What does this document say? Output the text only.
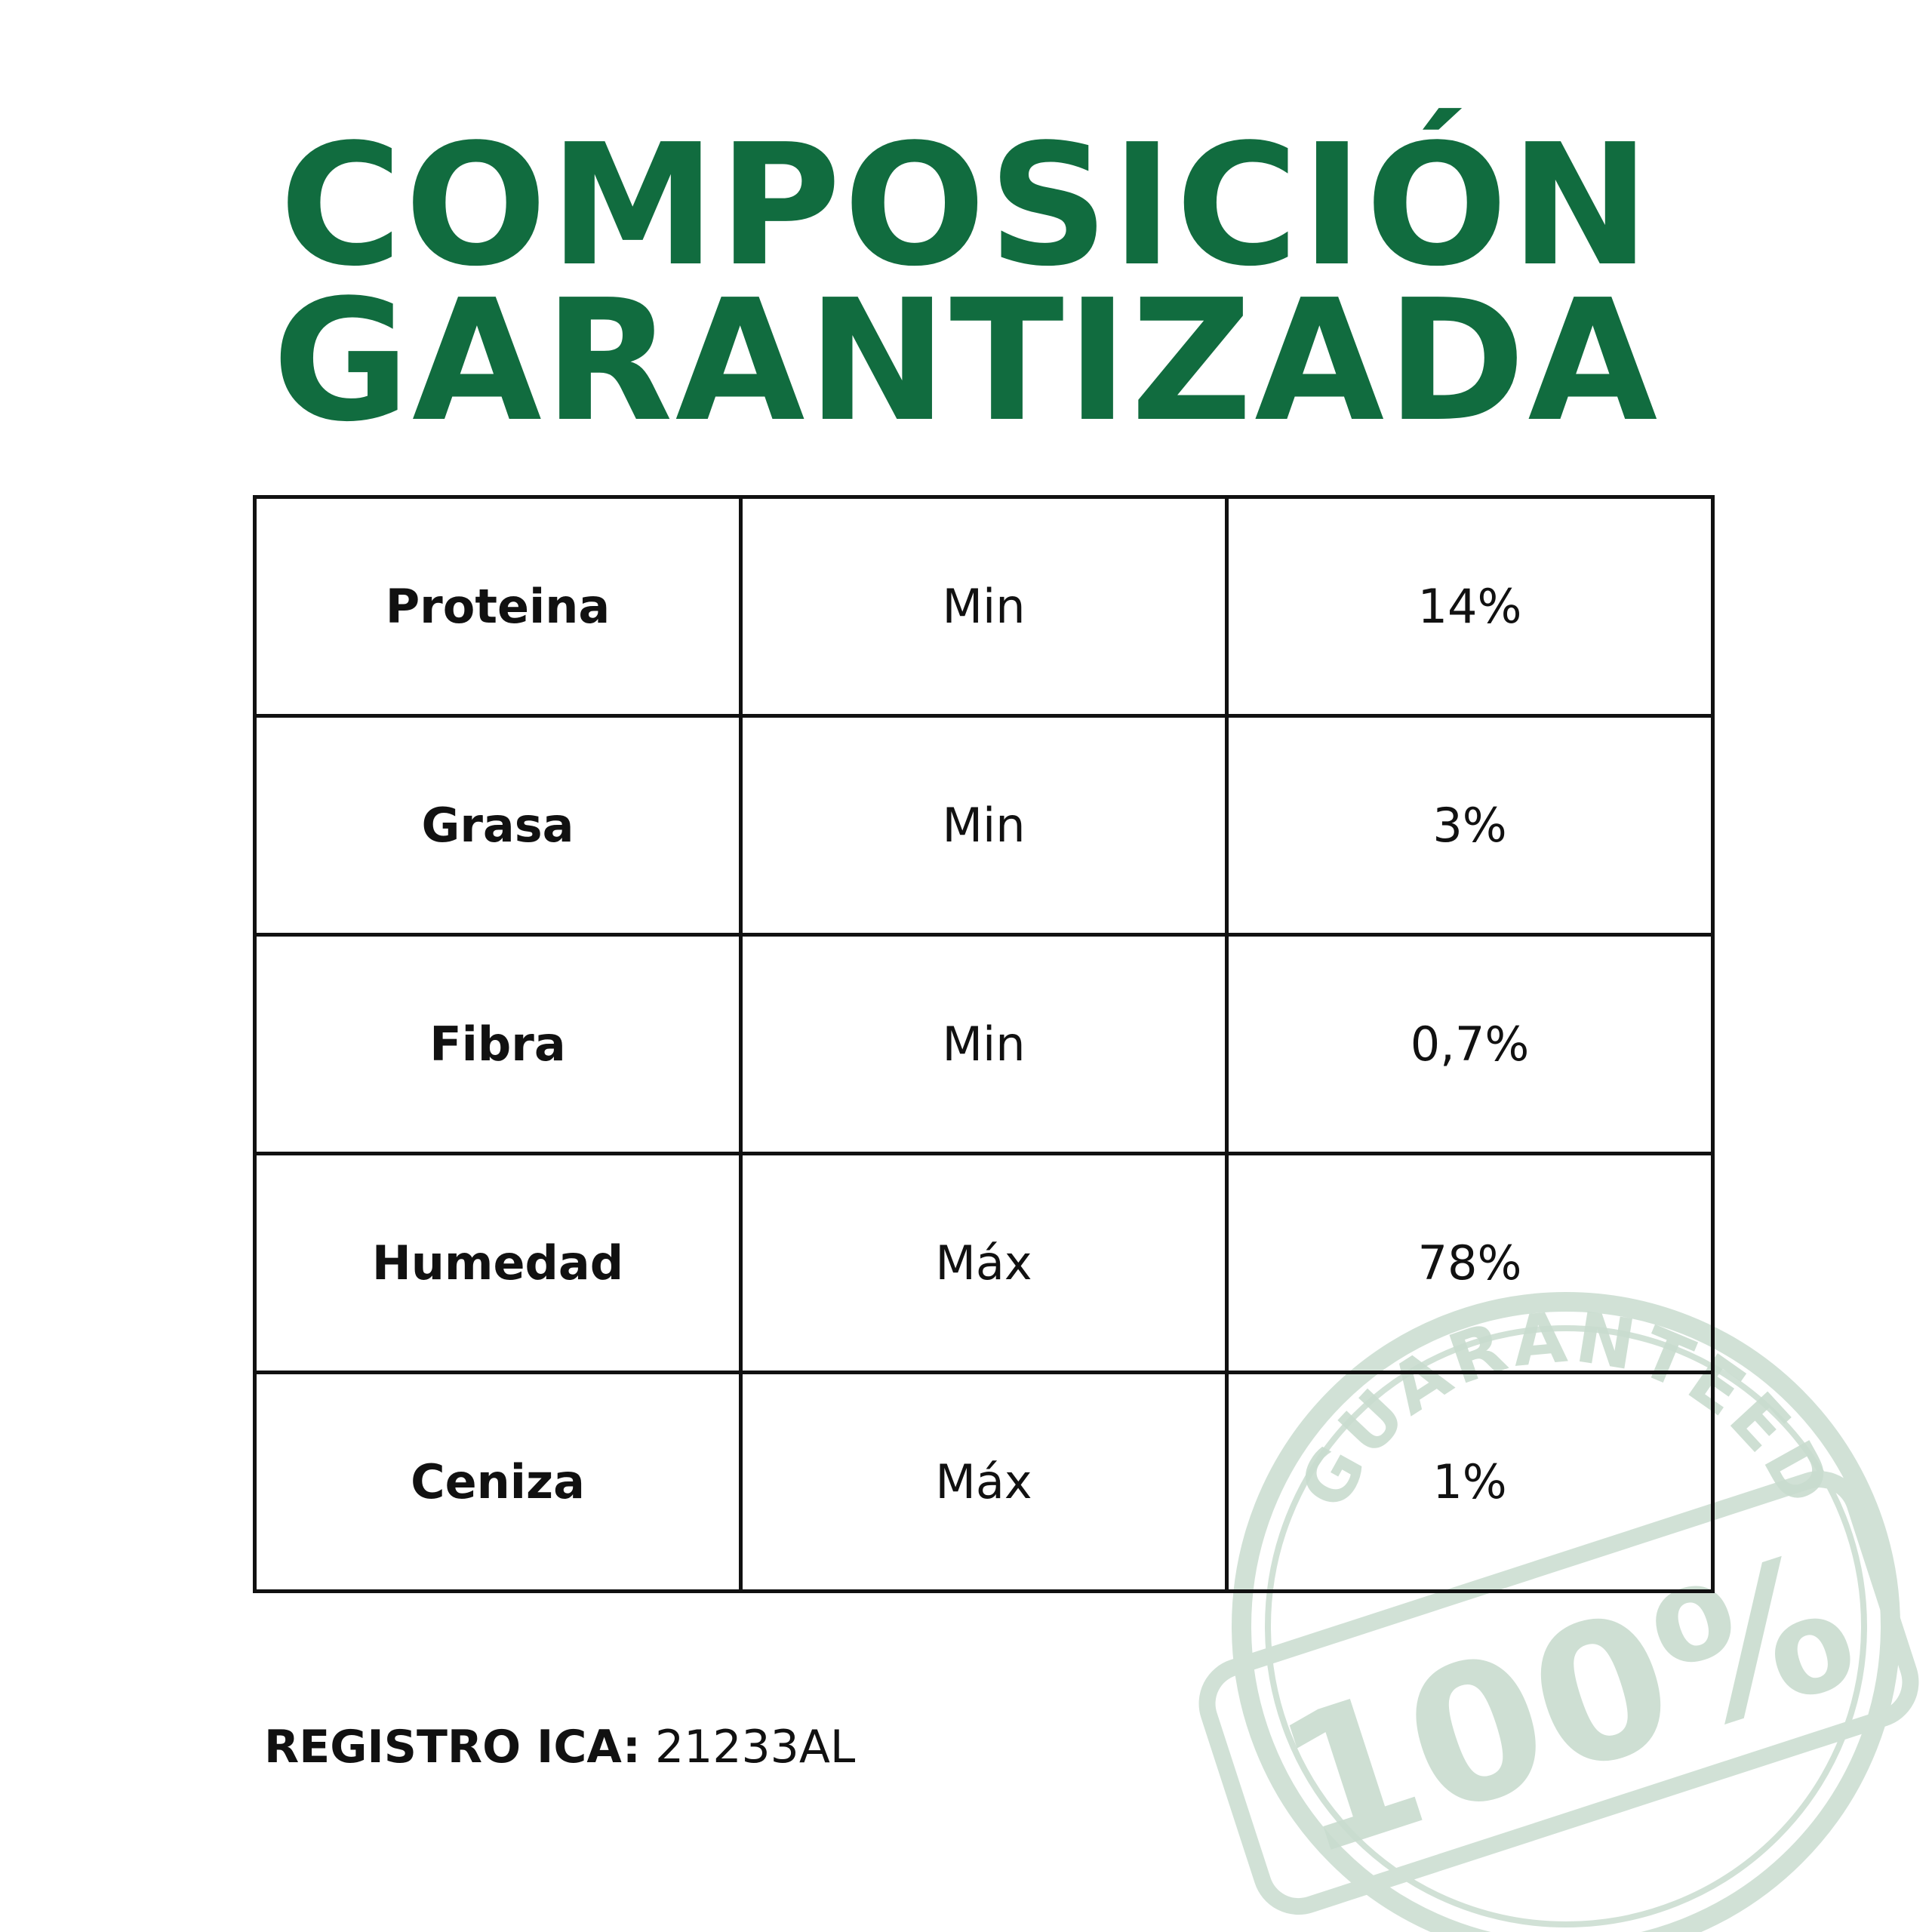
GUARANTEED
100%
COMPOSICIÓN
GARANTIZADA
Proteina	Min	14%
Grasa	Min	3%
Fibra	Min	0,7%
Humedad	Máx	78%
Ceniza	Máx	1%
REGISTRO ICA: 21233AL
